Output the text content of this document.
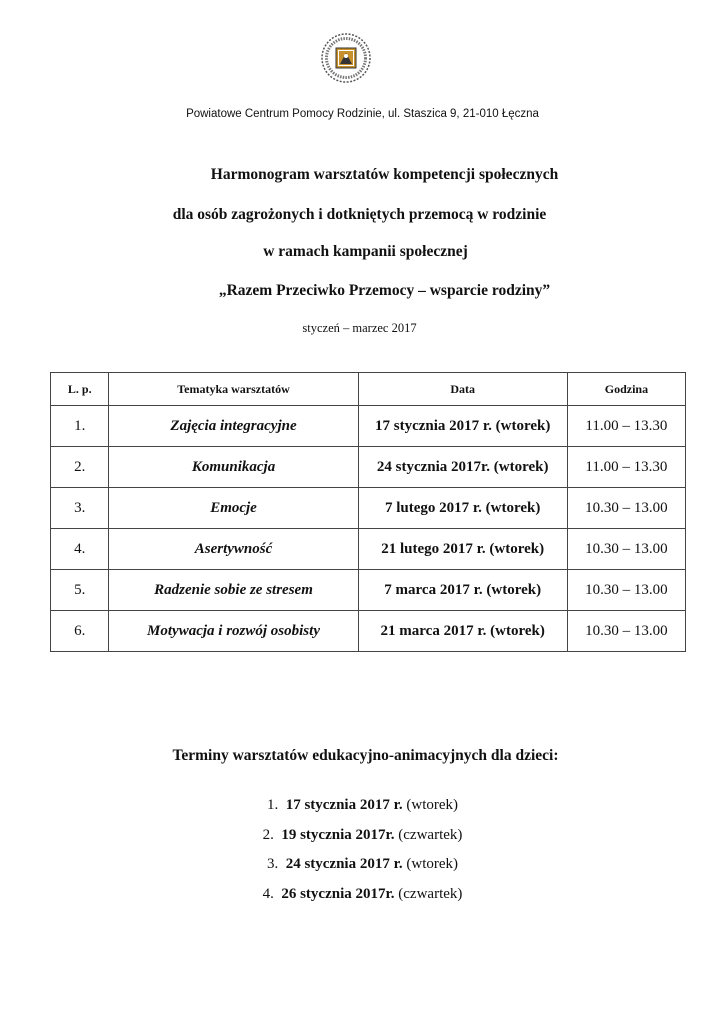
Powiatowe Centrum Pomocy Rodzinie, ul. Staszica 9, 21-010 Łęczna
Harmonogram warsztatów kompetencji społecznych
dla osób zagrożonych i dotkniętych przemocą w rodzinie
w ramach kampanii społecznej
„Razem Przeciwko Przemocy – wsparcie rodziny”
styczeń – marzec 2017
L. p.	Tematyka warsztatów	Data	Godzina
1.	Zajęcia integracyjne	17 stycznia 2017 r. (wtorek)	11.00 – 13.30
2.	Komunikacja	24 stycznia 2017r. (wtorek)	11.00 – 13.30
3.	Emocje	7 lutego 2017 r. (wtorek)	10.30 – 13.00
4.	Asertywność	21 lutego 2017 r. (wtorek)	10.30 – 13.00
5.	Radzenie sobie ze stresem	7 marca 2017 r. (wtorek)	10.30 – 13.00
6.	Motywacja i rozwój osobisty	21 marca 2017 r. (wtorek)	10.30 – 13.00
Terminy warsztatów edukacyjno-animacyjnych dla dzieci:
1. 17 stycznia 2017 r. (wtorek)
2. 19 stycznia 2017r. (czwartek)
3. 24 stycznia 2017 r. (wtorek)
4. 26 stycznia 2017r. (czwartek)
